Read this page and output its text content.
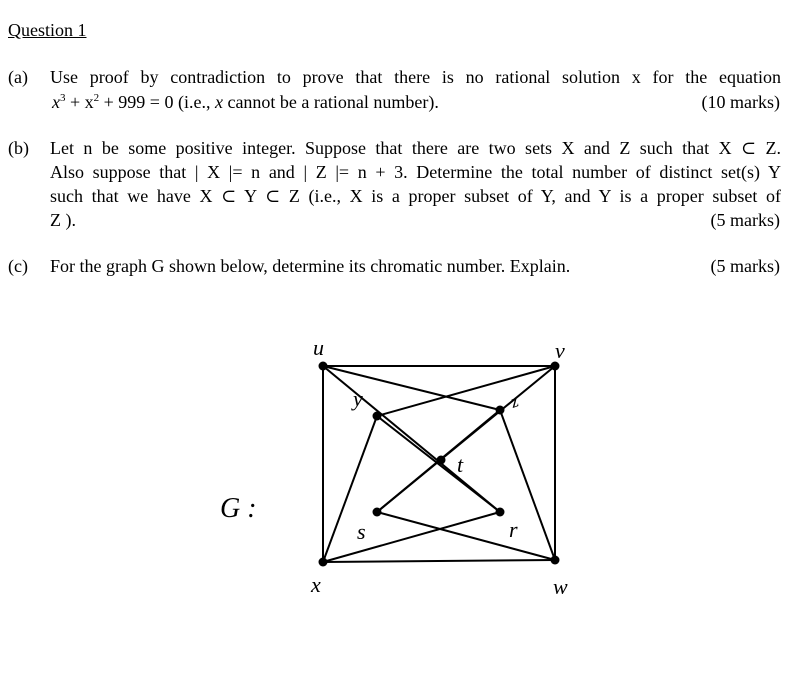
Question 1
(a) Use proof by contradiction to prove that there is no rational solution x for the equation
$x^3 + x^2 + 999 = 0$ (i.e., x cannot be a rational number).	(10 marks)
(b) Let n be some positive integer. Suppose that there are two sets X and Z such that X ⊂ Z.
Also suppose that | X |= n and | Z |= n + 3. Determine the total number of distinct set(s) Y
such that we have X ⊂ Y ⊂ Z (i.e., X is a proper subset of Y, and Y is a proper subset of
Z ).	(5 marks)
(c) For the graph G shown below, determine its chromatic number. Explain.	(5 marks)
u	v
x	w
y	z
t
s	r
G :
